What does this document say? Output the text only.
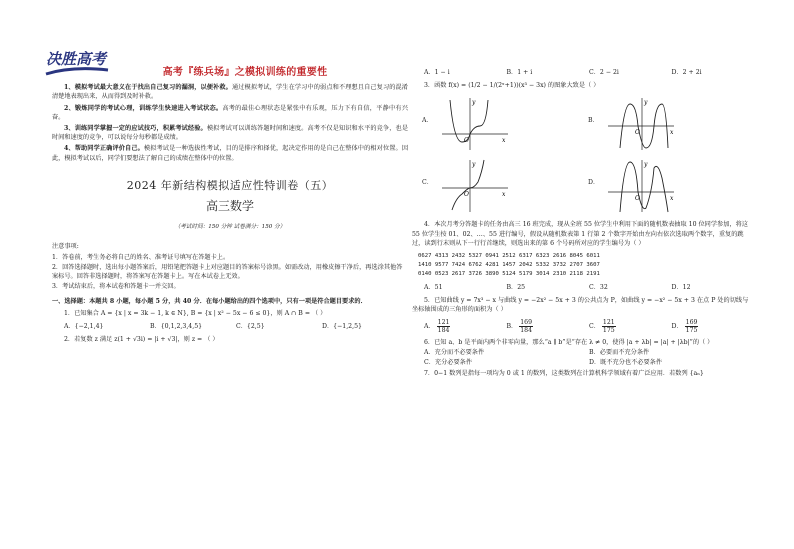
决胜高考
高考『练兵场』之模拟训练的重要性

1、模拟考试最大意义在于找出自己复习的漏洞，以便补救。通过模拟考试，学生在学习中的弱点和不理想且自己复习的混淆清楚地表现出来，从而得到及时补救。

2、锻炼同学的考试心理，训练学生快速进入考试状态。高考的最佳心理状态是紧张中有乐观，压力下有自信，平静中有兴奋。

3、训练同学掌握一定的应试技巧，积累考试经验。模拟考试可以训练答题时间和速度。高考不仅是知识和水平的竞争，也是时间和速度的竞争，可以说每分每秒都是成绩。

4、帮助同学正确评价自己。模拟考试是一种选拔性考试，目的是排序和择优，起决定作用的是自己在整体中的相对位置。因此，模拟考试以后，同学们要想法了解自己的成绩在整体中的位置。

2024 年新结构模拟适应性特训卷（五）
高三数学
（考试时间：150 分钟 试卷满分：150 分）
注意事项:
1．答卷前，考生务必将自己的姓名、准考证号填写在答题卡上。
2．回答选择题时，选出每小题答案后，用铅笔把答题卡上对应题目的答案标号涂黑。如需改动，用橡皮擦干净后，再选涂其他答案标号。回答非选择题时，将答案写在答题卡上。写在本试卷上无效。
3．考试结束后，将本试卷和答题卡一并交回。
一、选择题：本题共 8 小题，每小题 5 分，共 40 分．在每小题给出的四个选项中，只有一项是符合题目要求的．
1．已知集合 A = {x | x = 3k − 1, k ∈ N}, B = {x | x² − 5x − 6 ≤ 0}，则 A ∩ B = （ ）
A．{−2,1,4}	B．{0,1,2,3,4,5}	C．{2,5}	D．{−1,2,5}
2．若复数 z 满足 z(1 + √3i) = |i + √3|，则 z = （ ）
A．1 − i	B．1 + i	C．2 − 2i	D．2 + 2i
3．函数 f(x) = (1/2 − 1/(2ˣ+1))(x³ − 3x) 的图象大致是（ ）
A．
O
y
x
B．
O
y
x
C．
O
y
x
D．
O
y
x
4．本次月考分答题卡的任务由高三 16 班完成，现从全班 55 位学生中利用下面的随机数表抽取 10 位同学参加，将这 55 位学生按 01、02、…、55 进行编号，假设从随机数表第 1 行第 2 个数字开始由左向右依次选取两个数字，重复的跳过，读到行末则从下一行行首继续，则选出来的第 6 个号码所对应的学生编号为（ ）
0627 4313 2432 5327 0941 2512 6317 6323 2616 8045 6011
1410 9577 7424 6762 4281 1457 2042 5332 3732 2707 3607
0140 0523 2617 3726 3890 5124 5179 3014 2310 2118 2191
A．51	B．25	C．32	D．12
5．已知曲线 y = 7x³ − x 与曲线 y = −2x² − 5x + 3 的公共点为 P，如曲线 y = −x² − 5x + 3 在点 P 处的切线与坐标轴围成的三角形的面积为（ ）
A． $\frac{121}{184}$	B． $\frac{169}{184}$	C． $\frac{121}{175}$	D． $\frac{169}{175}$
6．已知 a、b 是平面内两个非零向量，那么“a ∥ b”是“存在 λ ≠ 0，使得 |a + λb| = |a| + |λb|”的（ ）
A．充分而不必要条件	B．必要而不充分条件
C．充分必要条件	D．既不充分也不必要条件
7．0−1 数列是指每一项均为 0 或 1 的数列，这类数列在计算机科学领域有着广泛应用．若数列 {aₙ}
